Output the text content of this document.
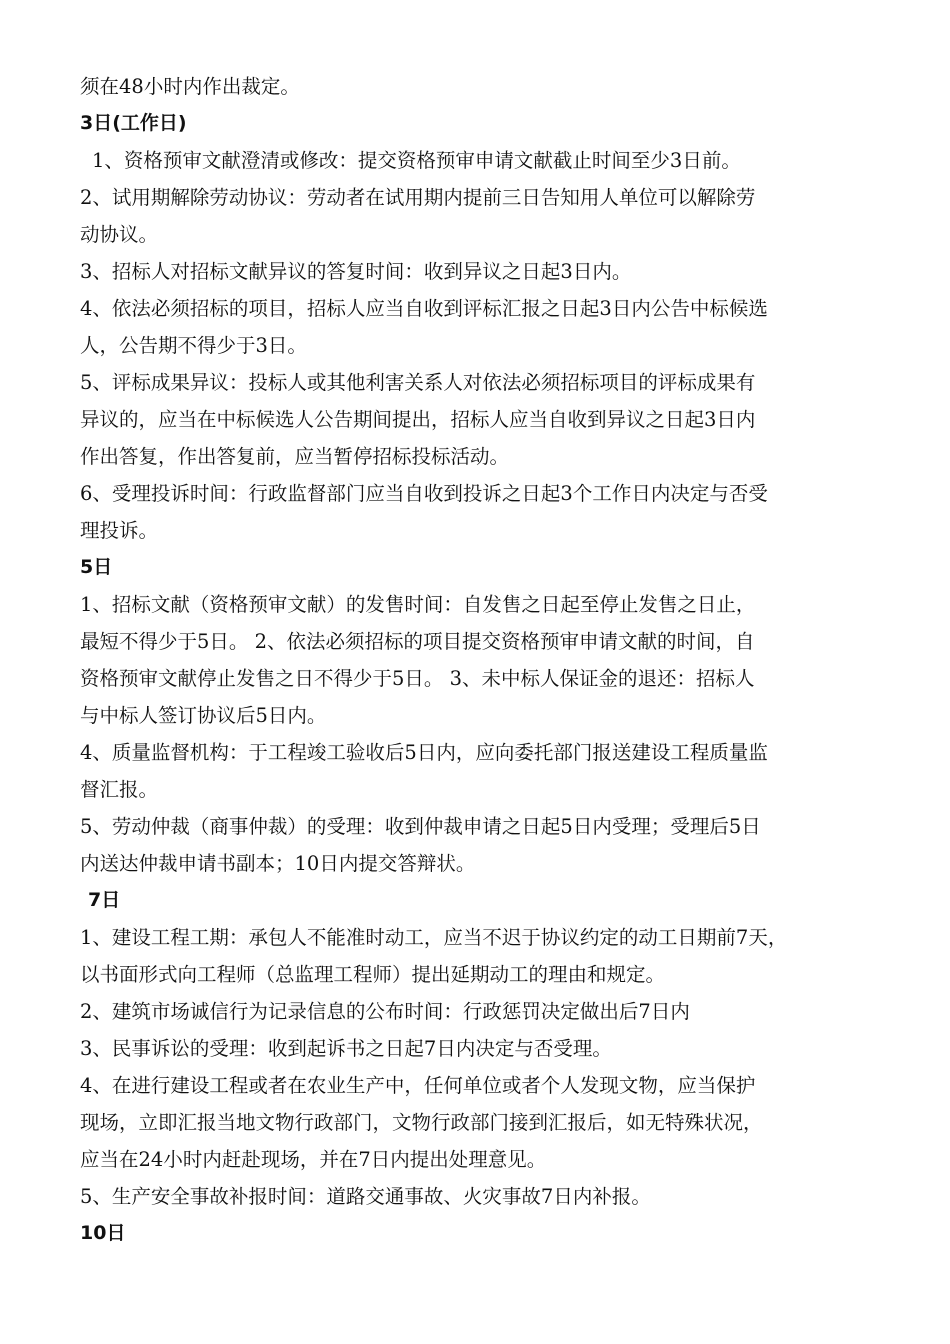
须在48小时内作出裁定。
3日(工作日)
1、资格预审文献澄清或修改：提交资格预审申请文献截止时间至少3日前。
2、试用期解除劳动协议：劳动者在试用期内提前三日告知用人单位可以解除劳
动协议。
3、招标人对招标文献异议的答复时间：收到异议之日起3日内。
4、依法必须招标的项目，招标人应当自收到评标汇报之日起3日内公告中标候选
人，公告期不得少于3日。
5、评标成果异议：投标人或其他利害关系人对依法必须招标项目的评标成果有
异议的，应当在中标候选人公告期间提出，招标人应当自收到异议之日起3日内
作出答复，作出答复前，应当暂停招标投标活动。
6、受理投诉时间：行政监督部门应当自收到投诉之日起3个工作日内决定与否受
理投诉。
5日
1、招标文献（资格预审文献）的发售时间：自发售之日起至停止发售之日止，
最短不得少于5日。 2、依法必须招标的项目提交资格预审申请文献的时间，自
资格预审文献停止发售之日不得少于5日。 3、未中标人保证金的退还：招标人
与中标人签订协议后5日内。
4、质量监督机构：于工程竣工验收后5日内，应向委托部门报送建设工程质量监
督汇报。
5、劳动仲裁（商事仲裁）的受理：收到仲裁申请之日起5日内受理；受理后5日
内送达仲裁申请书副本；10日内提交答辩状。
7日
1、建设工程工期：承包人不能准时动工，应当不迟于协议约定的动工日期前7天，
以书面形式向工程师（总监理工程师）提出延期动工的理由和规定。
2、建筑市场诚信行为记录信息的公布时间：行政惩罚决定做出后7日内
3、民事诉讼的受理：收到起诉书之日起7日内决定与否受理。
4、在进行建设工程或者在农业生产中，任何单位或者个人发现文物，应当保护
现场，立即汇报当地文物行政部门，文物行政部门接到汇报后，如无特殊状况，
应当在24小时内赶赴现场，并在7日内提出处理意见。
5、生产安全事故补报时间：道路交通事故、火灾事故7日内补报。
10日
